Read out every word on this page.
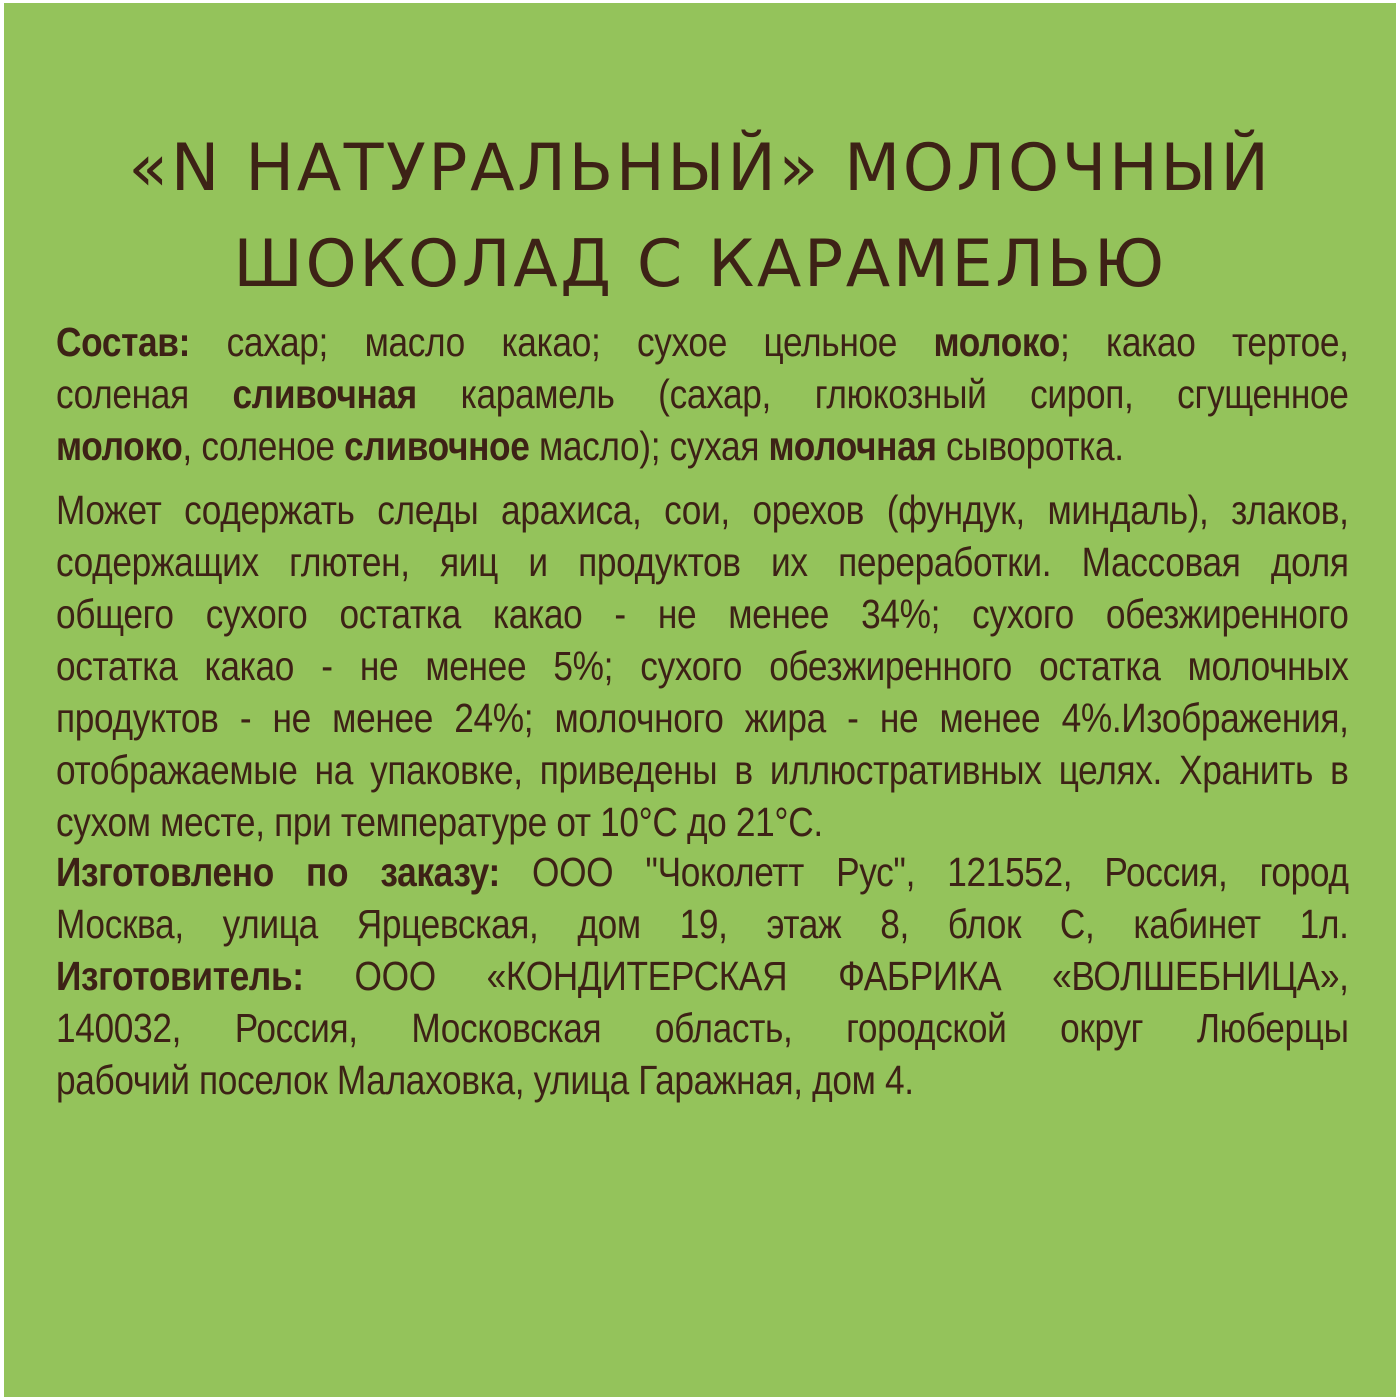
«N НАТУРАЛЬНЫЙ» МОЛОЧНЫЙ
ШОКОЛАД С КАРАМЕЛЬЮ
Состав: сахар; масло какао; сухое цельное молоко; какао тертое,
соленая сливочная карамель (сахар, глюкозный сироп, сгущенное
молоко, соленое сливочное масло); сухая молочная сыворотка.
Может содержать следы арахиса, сои, орехов (фундук, миндаль), злаков,
содержащих глютен, яиц и продуктов их переработки. Массовая доля
общего сухого остатка какао - не менее 34%; сухого обезжиренного
остатка какао - не менее 5%; сухого обезжиренного остатка молочных
продуктов - не менее 24%; молочного жира - не менее 4%.Изображения,
отображаемые на упаковке, приведены в иллюстративных целях. Хранить в
сухом месте, при температуре от 10°С до 21°С.
Изготовлено по заказу: ООО "Чоколетт Рус", 121552, Россия, город
Москва, улица Ярцевская, дом 19, этаж 8, блок С, кабинет 1л.
Изготовитель: ООО «КОНДИТЕРСКАЯ ФАБРИКА «ВОЛШЕБНИЦА»,
140032, Россия, Московская область, городской округ Люберцы
рабочий поселок Малаховка, улица Гаражная, дом 4.
